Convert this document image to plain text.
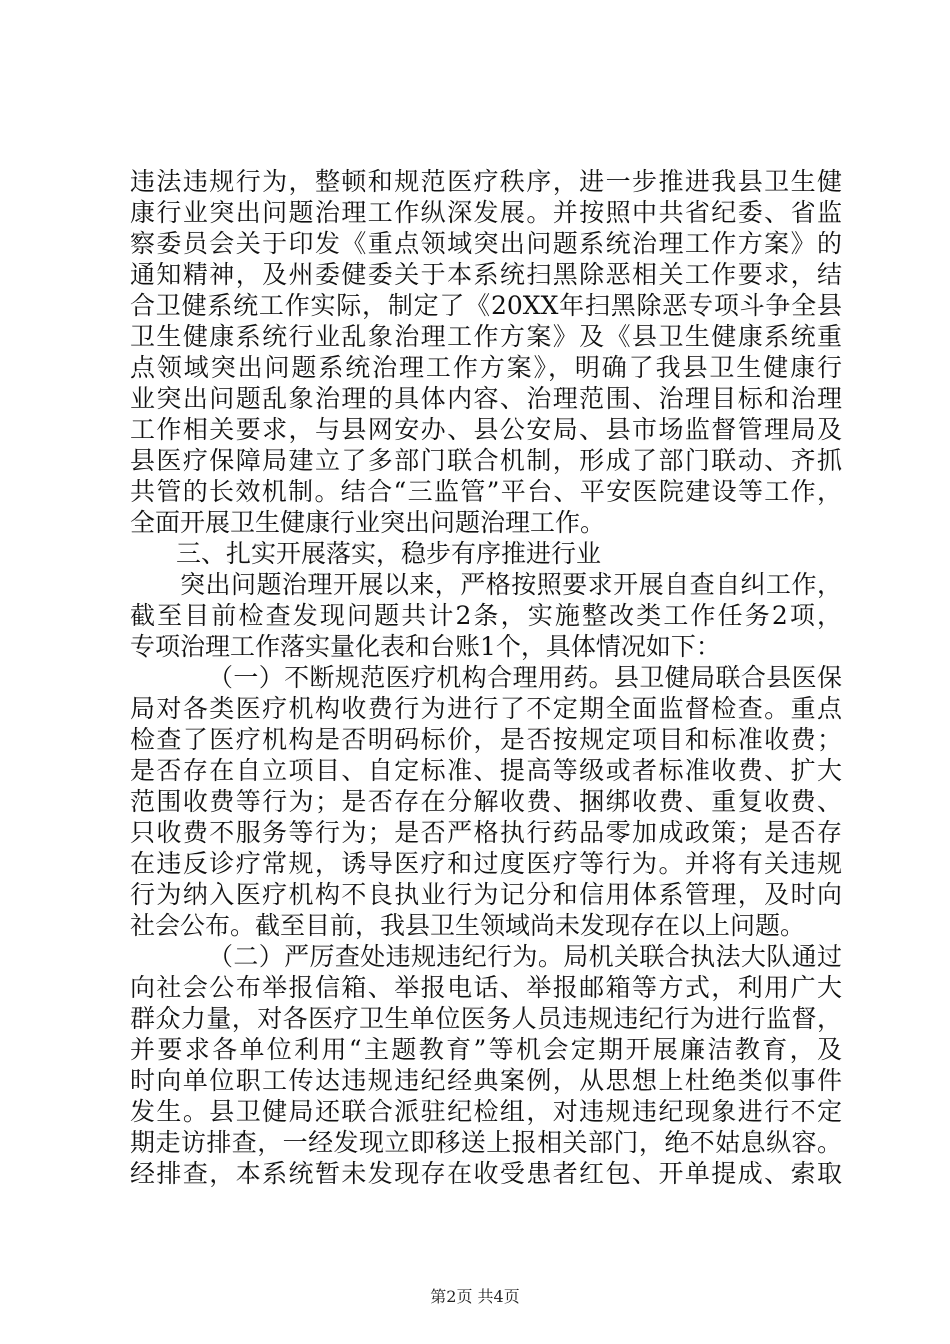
违法违规行为，整顿和规范医疗秩序，进一步推进我县卫生健
康行业突出问题治理工作纵深发展。并按照中共省纪委、省监
察委员会关于印发《重点领域突出问题系统治理工作方案》的
通知精神，及州委健委关于本系统扫黑除恶相关工作要求，结
合卫健系统工作实际，制定了《20XX年扫黑除恶专项斗争全县
卫生健康系统行业乱象治理工作方案》及《县卫生健康系统重
点领域突出问题系统治理工作方案》，明确了我县卫生健康行
业突出问题乱象治理的具体内容、治理范围、治理目标和治理
工作相关要求，与县网安办、县公安局、县市场监督管理局及
县医疗保障局建立了多部门联合机制，形成了部门联动、齐抓
共管的长效机制。结合“三监管”平台、平安医院建设等工作，
全面开展卫生健康行业突出问题治理工作。
三、扎实开展落实，稳步有序推进行业
突出问题治理开展以来，严格按照要求开展自查自纠工作，
截至目前检查发现问题共计2条，实施整改类工作任务2项，
专项治理工作落实量化表和台账1个，具体情况如下：
（一）不断规范医疗机构合理用药。县卫健局联合县医保
局对各类医疗机构收费行为进行了不定期全面监督检查。重点
检查了医疗机构是否明码标价，是否按规定项目和标准收费；
是否存在自立项目、自定标准、提高等级或者标准收费、扩大
范围收费等行为；是否存在分解收费、捆绑收费、重复收费、
只收费不服务等行为；是否严格执行药品零加成政策；是否存
在违反诊疗常规，诱导医疗和过度医疗等行为。并将有关违规
行为纳入医疗机构不良执业行为记分和信用体系管理，及时向
社会公布。截至目前，我县卫生领域尚未发现存在以上问题。
（二）严厉查处违规违纪行为。局机关联合执法大队通过
向社会公布举报信箱、举报电话、举报邮箱等方式，利用广大
群众力量，对各医疗卫生单位医务人员违规违纪行为进行监督，
并要求各单位利用“主题教育”等机会定期开展廉洁教育，及
时向单位职工传达违规违纪经典案例，从思想上杜绝类似事件
发生。县卫健局还联合派驻纪检组，对违规违纪现象进行不定
期走访排查，一经发现立即移送上报相关部门，绝不姑息纵容。
经排查，本系统暂未发现存在收受患者红包、开单提成、索取
第2页 共4页
